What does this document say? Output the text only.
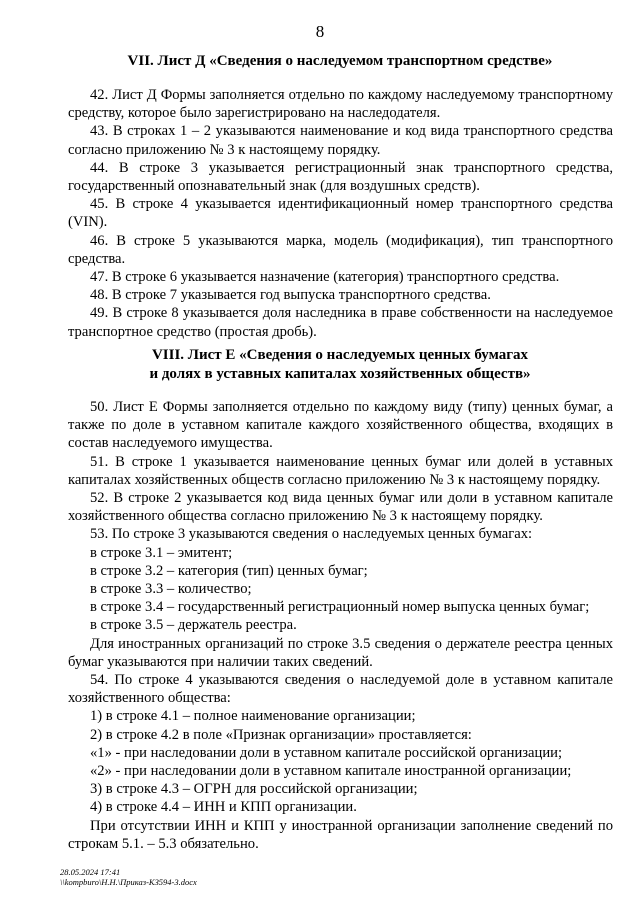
8
VII. Лист Д «Сведения о наследуемом транспортном средстве»

42. Лист Д Формы заполняется отдельно по каждому наследуемому транспортному средству, которое было зарегистрировано на наследодателя.

43. В строках 1 – 2 указываются наименование и код вида транспортного средства согласно приложению № 3 к настоящему порядку.

44. В строке 3 указывается регистрационный знак транспортного средства, государственный опознавательный знак (для воздушных средств).

45. В строке 4 указывается идентификационный номер транспортного средства (VIN).

46. В строке 5 указываются марка, модель (модификация), тип транспортного средства.

47. В строке 6 указывается назначение (категория) транспортного средства.

48. В строке 7 указывается год выпуска транспортного средства.

49. В строке 8 указывается доля наследника в праве собственности на наследуемое транспортное средство (простая дробь).

VIII. Лист Е «Сведения о наследуемых ценных бумагах
и долях в уставных капиталах хозяйственных обществ»

50. Лист Е Формы заполняется отдельно по каждому виду (типу) ценных бумаг, а также по доле в уставном капитале каждого хозяйственного общества, входящих в состав наследуемого имущества.

51. В строке 1 указывается наименование ценных бумаг или долей в уставных капиталах хозяйственных обществ согласно приложению № 3 к настоящему порядку.

52. В строке 2 указывается код вида ценных бумаг или доли в уставном капитале хозяйственного общества согласно приложению № 3 к настоящему порядку.

53. По строке 3 указываются сведения о наследуемых ценных бумагах:

в строке 3.1 – эмитент;

в строке 3.2 – категория (тип) ценных бумаг;

в строке 3.3 – количество;

в строке 3.4 – государственный регистрационный номер выпуска ценных бумаг;

в строке 3.5 – держатель реестра.

Для иностранных организаций по строке 3.5 сведения о держателе реестра ценных бумаг указываются при наличии таких сведений.

54. По строке 4 указываются сведения о наследуемой доле в уставном капитале хозяйственного общества:

1) в строке 4.1 – полное наименование организации;

2) в строке 4.2 в поле «Признак организации» проставляется:

«1» - при наследовании доли в уставном капитале российской организации;

«2» - при наследовании доли в уставном капитале иностранной организации;

3) в строке 4.3 – ОГРН для российской организации;

4) в строке 4.4 – ИНН и КПП организации.

При отсутствии ИНН и КПП у иностранной организации заполнение сведений по строкам 5.1. – 5.3 обязательно.

28.05.2024 17:41
\\kompburo\Н.Н.\Приказ-КЗ594-3.docx
